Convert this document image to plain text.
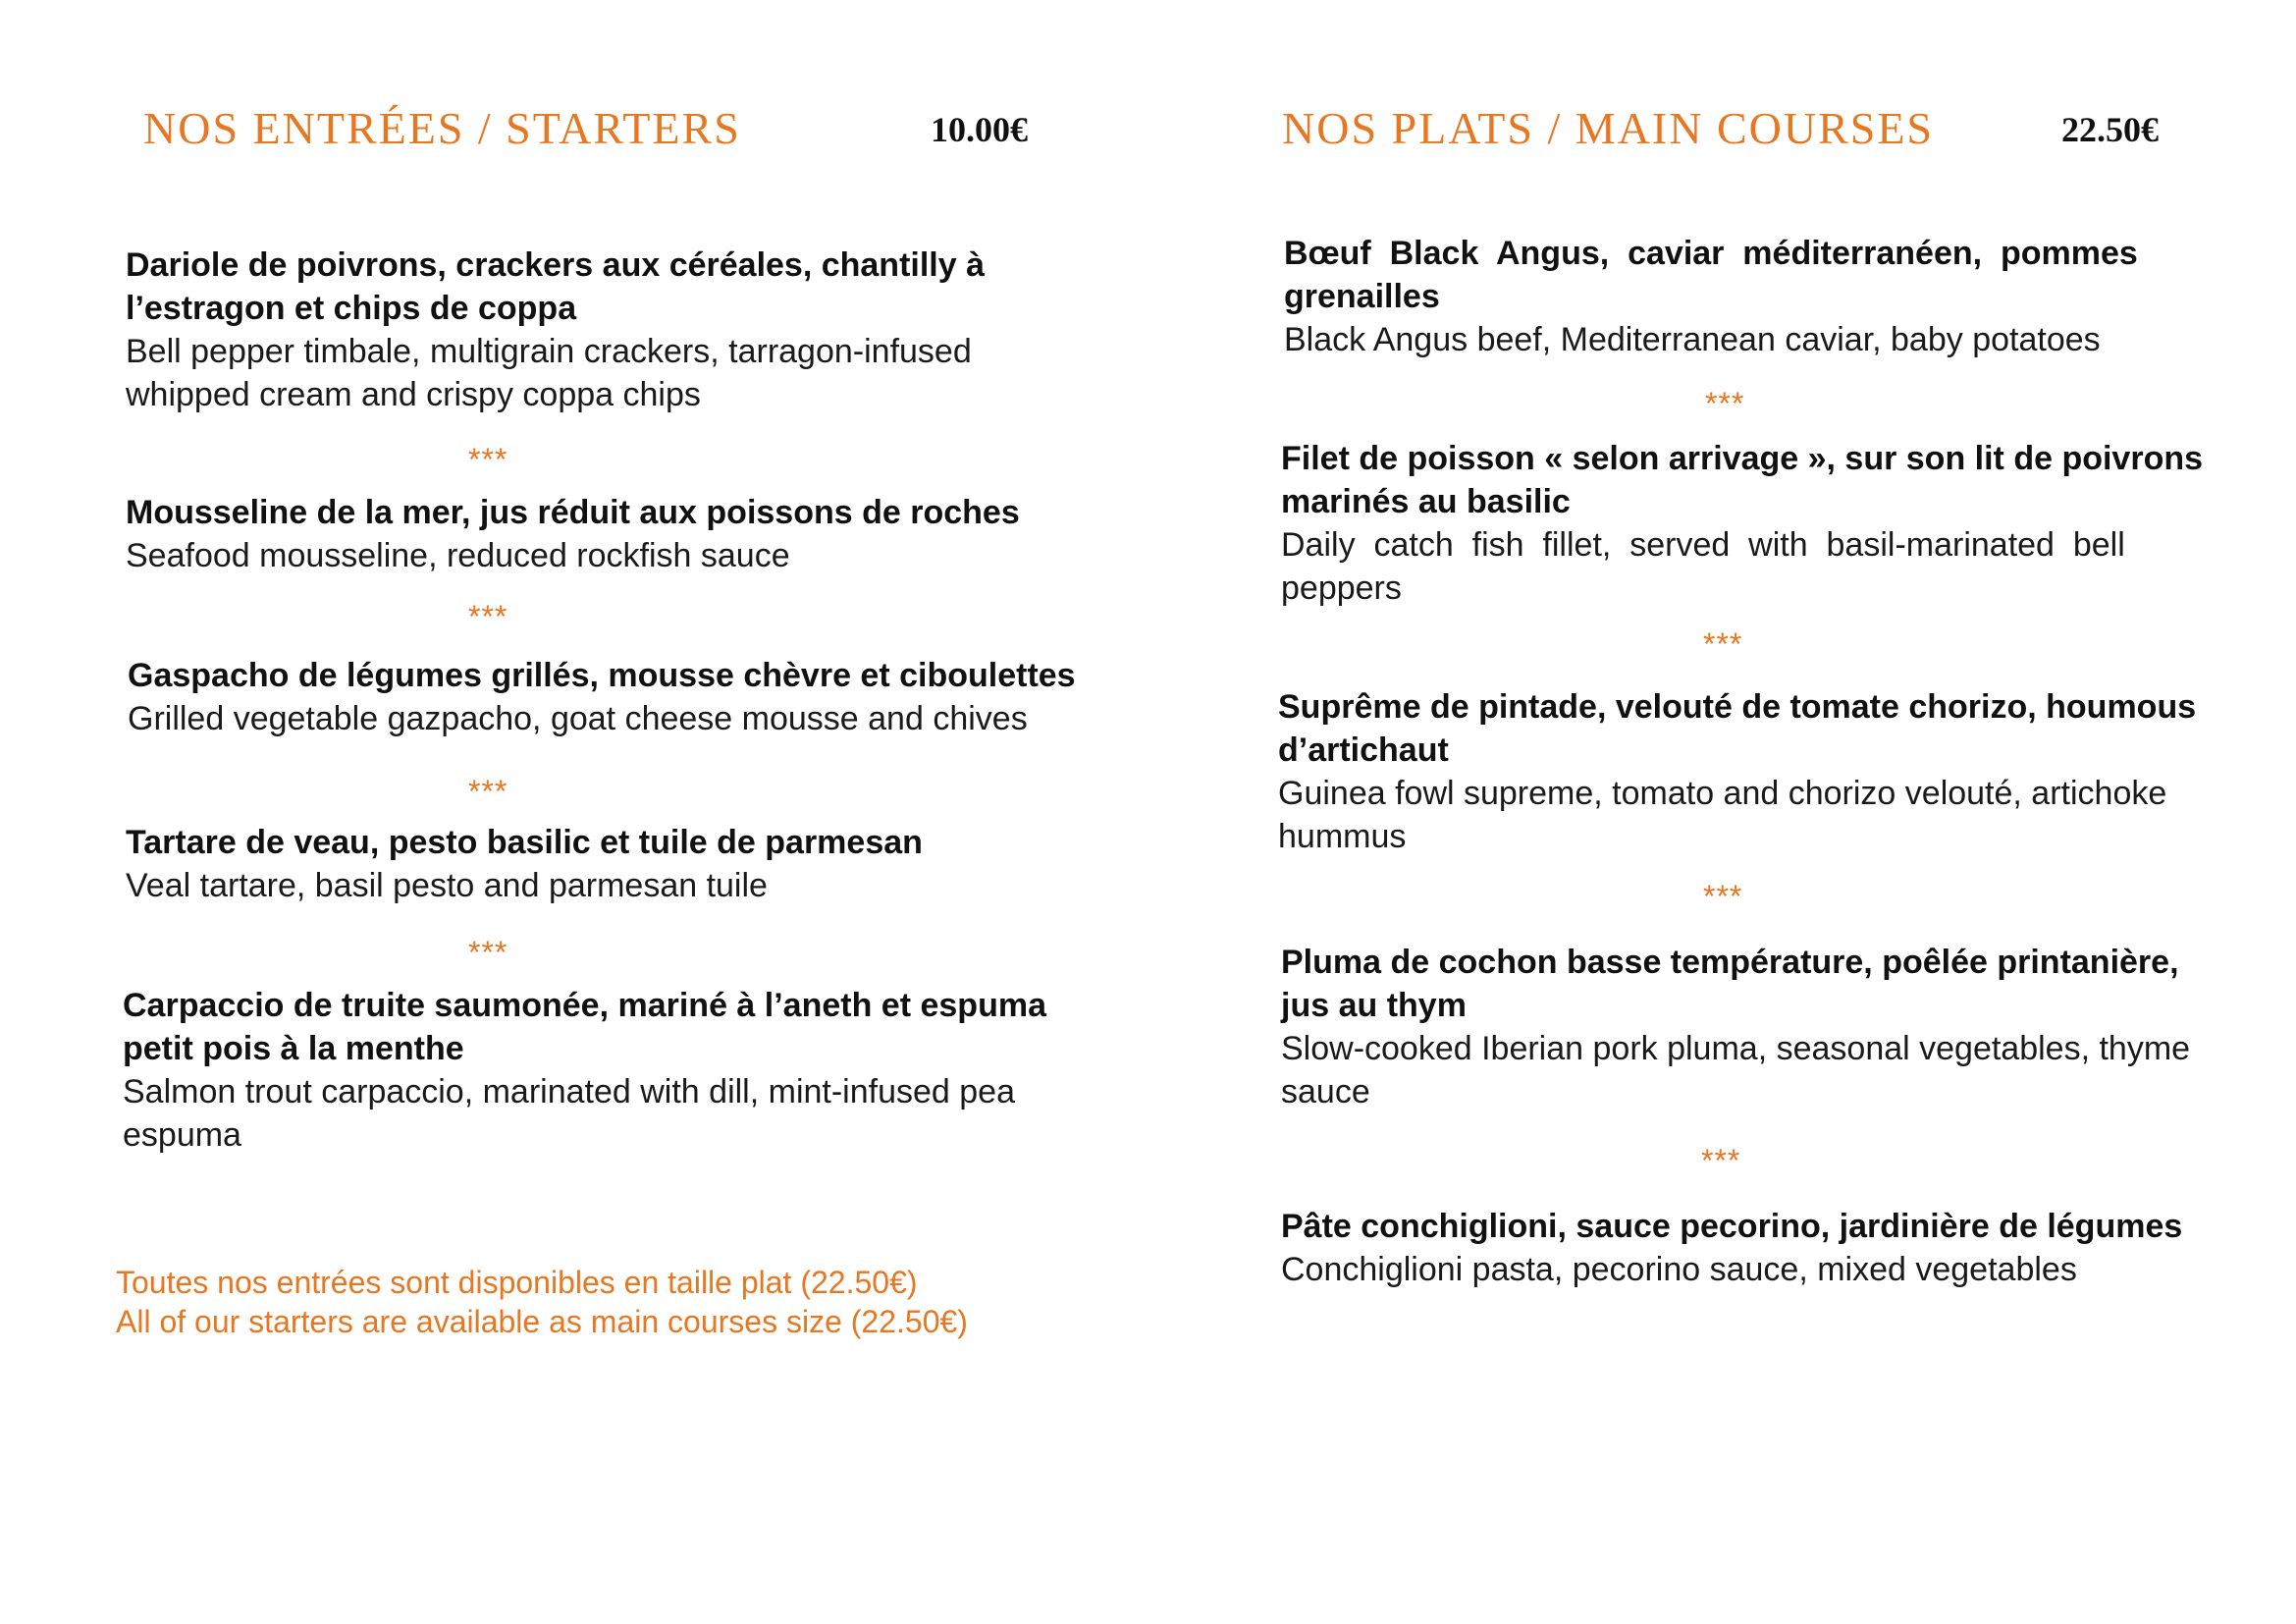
NOS ENTRÉES / STARTERS	10.00€
Dariole de poivrons, crackers aux céréales, chantilly à
l’estragon et chips de coppa
Bell pepper timbale, multigrain crackers, tarragon-infused
whipped cream and crispy coppa chips
***
Mousseline de la mer, jus réduit aux poissons de roches
Seafood mousseline, reduced rockfish sauce
***
Gaspacho de légumes grillés, mousse chèvre et ciboulettes
Grilled vegetable gazpacho, goat cheese mousse and chives
***
Tartare de veau, pesto basilic et tuile de parmesan
Veal tartare, basil pesto and parmesan tuile
***
Carpaccio de truite saumonée, mariné à l’aneth et espuma
petit pois à la menthe
Salmon trout carpaccio, marinated with dill, mint-infused pea
espuma
Toutes nos entrées sont disponibles en taille plat (22.50€)
All of our starters are available as main courses size (22.50€)
NOS PLATS / MAIN COURSES	22.50€
Bœuf  Black  Angus,  caviar  méditerranéen,  pommes
grenailles
Black Angus beef, Mediterranean caviar, baby potatoes
***
Filet de poisson « selon arrivage », sur son lit de poivrons
marinés au basilic
Daily  catch  fish  fillet,  served  with  basil-marinated  bell
peppers
***
Suprême de pintade, velouté de tomate chorizo, houmous
d’artichaut
Guinea fowl supreme, tomato and chorizo velouté, artichoke
hummus
***
Pluma de cochon basse température, poêlée printanière,
jus au thym
Slow-cooked Iberian pork pluma, seasonal vegetables, thyme
sauce
***
Pâte conchiglioni, sauce pecorino, jardinière de légumes
Conchiglioni pasta, pecorino sauce, mixed vegetables
